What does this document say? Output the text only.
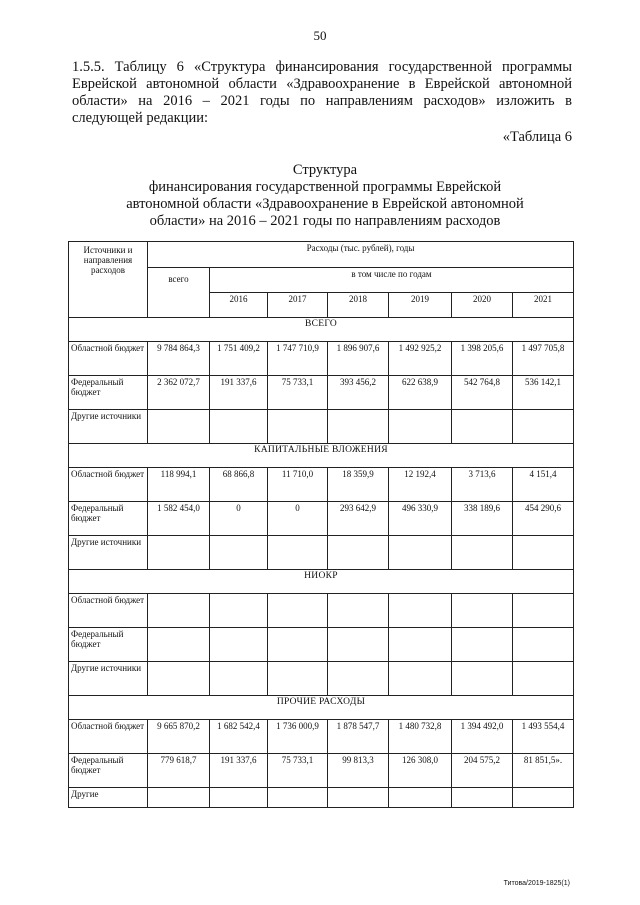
50

1.5.5. Таблицу 6 «Структура финансирования государственной программы Еврейской автономной области «Здравоохранение в Еврейской автономной области» на 2016 – 2021 годы по направлениям расходов» изложить в следующей редакции:

«Таблица 6
Структура
финансирования государственной программы Еврейской
автономной области «Здравоохранение в Еврейской автономной
области» на 2016 – 2021 годы по направлениям расходов
Источники и направления расходов	Расходы (тыс. рублей), годы						
	всего	в том числе по годам					
		2016	2017	2018	2019	2020	2021
ВСЕГО							
Областной бюджет	9 784 864,3	1 751 409,2	1 747 710,9	1 896 907,6	1 492 925,2	1 398 205,6	1 497 705,8
Федеральный бюджет	2 362 072,7	191 337,6	75 733,1	393 456,2	622 638,9	542 764,8	536 142,1
Другие источники							
КАПИТАЛЬНЫЕ ВЛОЖЕНИЯ							
Областной бюджет	118 994,1	68 866,8	11 710,0	18 359,9	12 192,4	3 713,6	4 151,4
Федеральный бюджет	1 582 454,0	0	0	293 642,9	496 330,9	338 189,6	454 290,6
Другие источники							
НИОКР							
Областной бюджет							
Федеральный бюджет							
Другие источники							
ПРОЧИЕ РАСХОДЫ							
Областной бюджет	9 665 870,2	1 682 542,4	1 736 000,9	1 878 547,7	1 480 732,8	1 394 492,0	1 493 554,4
Федеральный бюджет	779 618,7	191 337,6	75 733,1	99 813,3	126 308,0	204 575,2	81 851,5».
Другие							
Титова/2019-1825(1)
